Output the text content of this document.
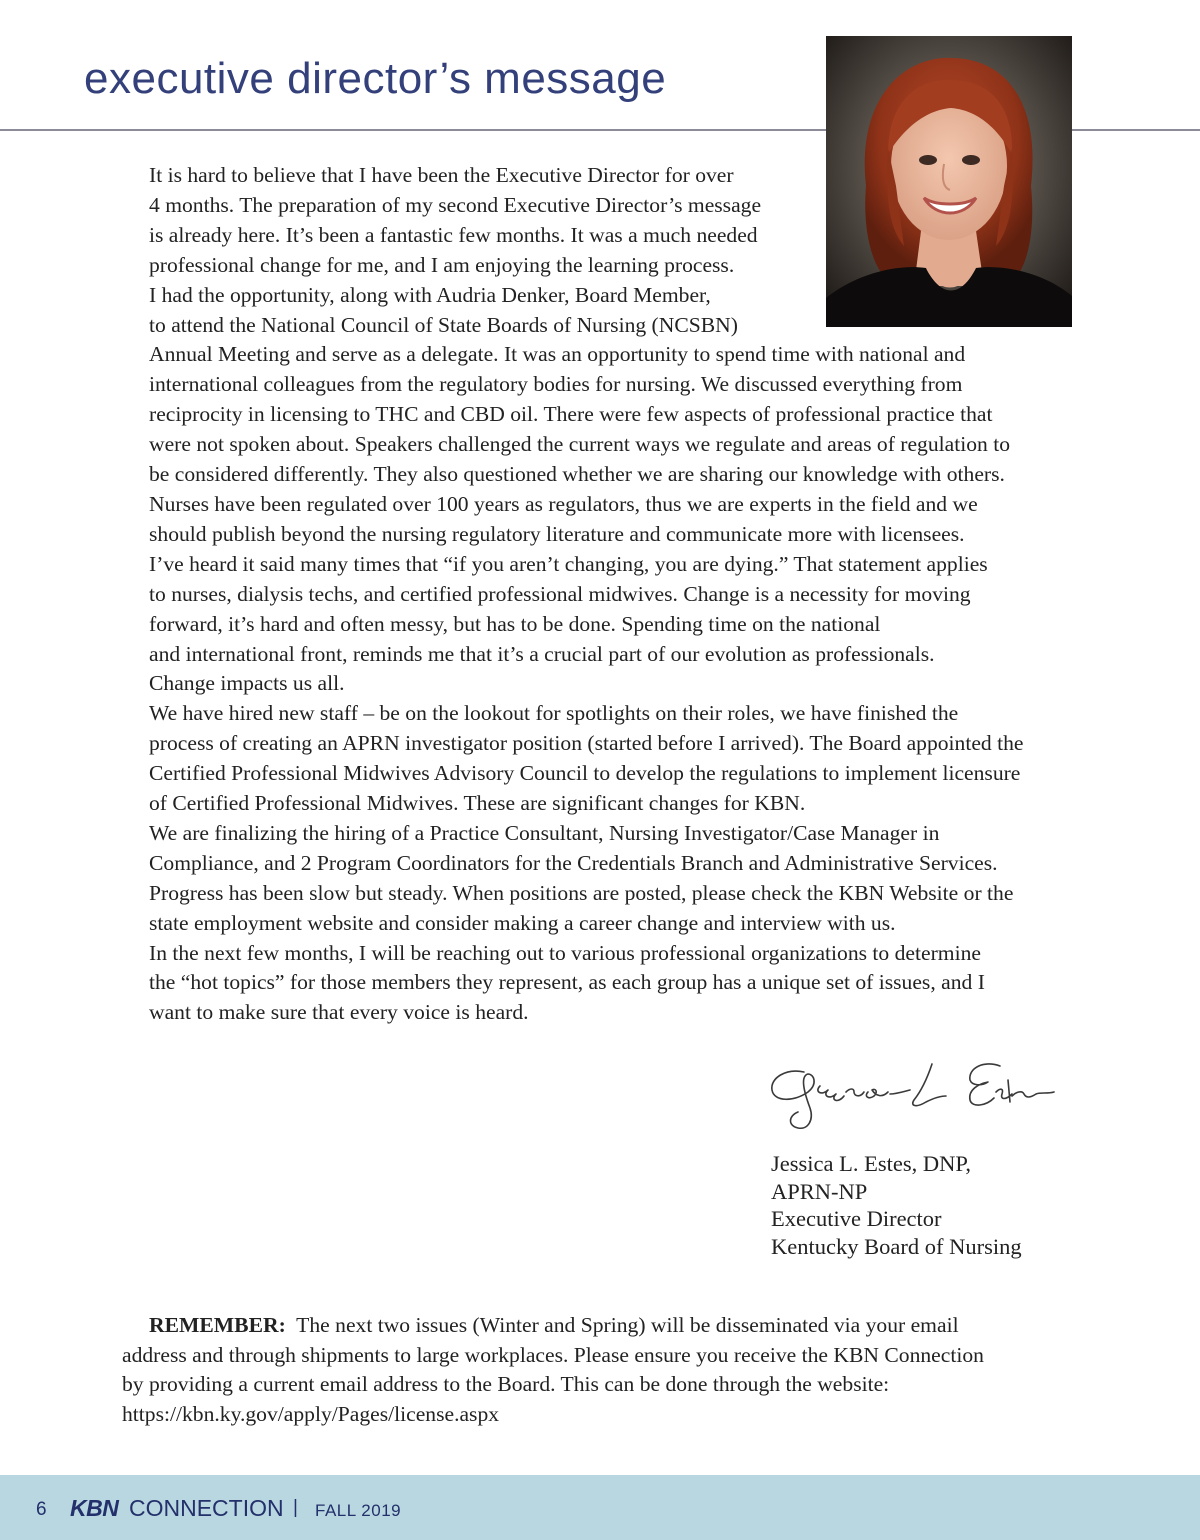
executive director’s message

It is hard to believe that I have been the Executive Director for over
4 months. The preparation of my second Executive Director’s message
is already here. It’s been a fantastic few months. It was a much needed
professional change for me, and I am enjoying the learning process.

I had the opportunity, along with Audria Denker, Board Member,
to attend the National Council of State Boards of Nursing (NCSBN)
Annual Meeting and serve as a delegate. It was an opportunity to spend time with national and
international colleagues from the regulatory bodies for nursing. We discussed everything from
reciprocity in licensing to THC and CBD oil. There were few aspects of professional practice that
were not spoken about. Speakers challenged the current ways we regulate and areas of regulation to
be considered differently. They also questioned whether we are sharing our knowledge with others.
Nurses have been regulated over 100 years as regulators, thus we are experts in the field and we
should publish beyond the nursing regulatory literature and communicate more with licensees.

I’ve heard it said many times that “if you aren’t changing, you are dying.” That statement applies
to nurses, dialysis techs, and certified professional midwives. Change is a necessity for moving
forward, it’s hard and often messy, but has to be done. Spending time on the national
and international front, reminds me that it’s a crucial part of our evolution as professionals.
Change impacts us all.

We have hired new staff – be on the lookout for spotlights on their roles, we have finished the
process of creating an APRN investigator position (started before I arrived). The Board appointed the
Certified Professional Midwives Advisory Council to develop the regulations to implement licensure
of Certified Professional Midwives. These are significant changes for KBN.

We are finalizing the hiring of a Practice Consultant, Nursing Investigator/Case Manager in
Compliance, and 2 Program Coordinators for the Credentials Branch and Administrative Services.
Progress has been slow but steady. When positions are posted, please check the KBN Website or the
state employment website and consider making a career change and interview with us.

In the next few months, I will be reaching out to various professional organizations to determine
the “hot topics” for those members they represent, as each group has a unique set of issues, and I
want to make sure that every voice is heard.

Jessica L. Estes, DNP,
APRN-NP
Executive Director
Kentucky Board of Nursing
REMEMBER:  The next two issues (Winter and Spring) will be disseminated via your email
address and through shipments to large workplaces. Please ensure you receive the KBN Connection
by providing a current email address to the Board. This can be done through the website:
https://kbn.ky.gov/apply/Pages/license.aspx
6 KBN CONNECTION | FALL 2019
